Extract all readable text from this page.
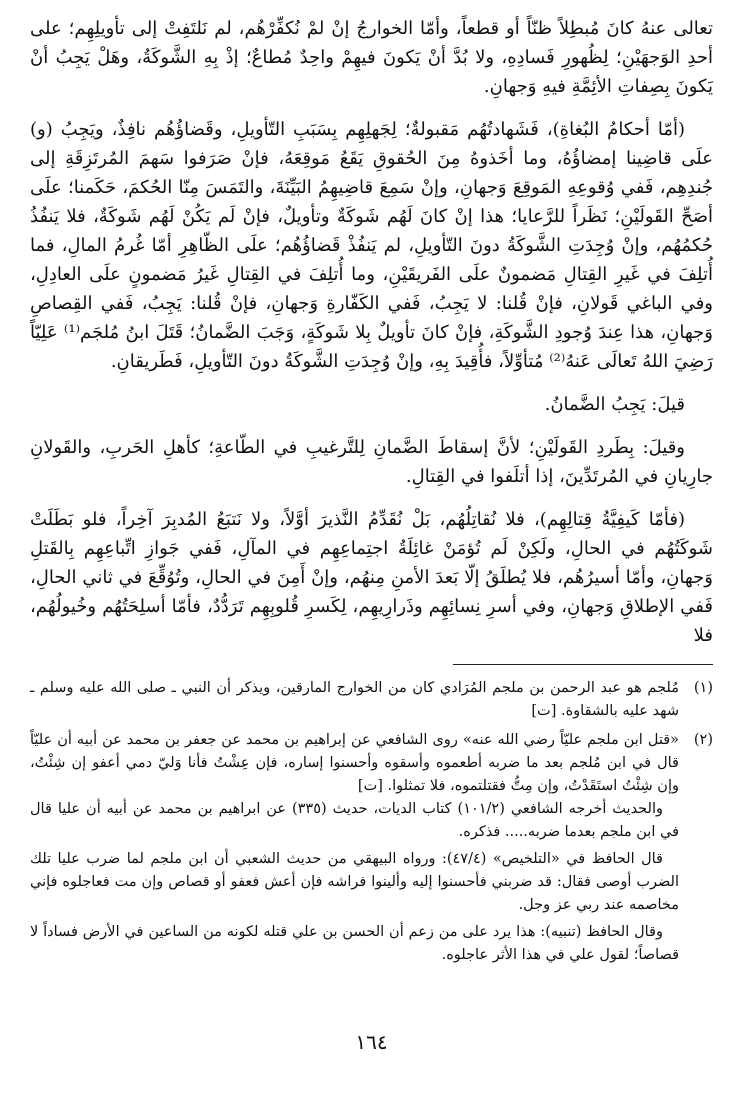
تعالى عنهُ كانَ مُبطِلاً ظنّاً أو قطعاً، وأمّا الخوارجُ إنْ لمْ نُكفِّرْهُم، لم نَلتَفِتْ إلى تأويلِهِم؛ على أحدِ الوَجهَيْنِ؛ لِظُهورِ فَسادِهِ، ولا بُدَّ أنْ يَكونَ فيهِمْ واحِدٌ مُطاعٌ؛ إذْ بِهِ الشَّوكَةُ، وهَلْ يَجِبُ أنْ يَكونَ بِصِفاتِ الأئِمَّةِ فيهِ وَجهانِ.

(أمّا أحكامُ البُغاةِ)، فَشَهادتُهُم مَقبولةٌ؛ لِجَهلِهِم بِسَبَبِ التّأويلِ، وقَضاؤُهُم نافِذٌ، ويَجِبُ (و) علَى قاضِينا إمضاؤُهُ، وما أخَذوهُ مِنَ الحُقوقِ يَقَعُ مَوقِعَهُ، فإنْ صَرَفوا سَهمَ المُرتَزِقَةِ إلى جُندِهِم، فَفي وُقوعِهِ المَوقِعَ وَجهانِ، وإنْ سَمِعَ قاضِيهِمُ البَيِّنَةَ، والتَمَسَ مِنّا الحُكمَ، حَكَمنا؛ علَى أصَحِّ القَولَيْنِ؛ نَظَراً للرَّعايا؛ هذا إنْ كانَ لَهُم شَوكَةٌ وتأويلٌ، فإنْ لَم يَكُنْ لَهُم شَوكَةٌ، فلا يَنفُذُ حُكمُهُم، وإنْ وُجِدَتِ الشَّوكَةُ دونَ التّأويلِ، لم يَنفُذْ قَضاؤُهُم؛ علَى الظّاهِرِ أمّا غُرمُ المالِ، فما أُتلِفَ في غَيرِ القِتالِ مَضمونٌ علَى الفَريقَيْنِ، وما أُتلِفَ في القِتالِ غَيرُ مَضمونٍ علَى العادِلِ، وفي الباغي قَولانِ، فإنْ قُلنا: لا يَجِبُ، فَفي الكَفّارةِ وَجهانِ، فإنْ قُلنا: يَجِبُ، فَفي القِصاصِ وَجهانِ، هذا عِندَ وُجودِ الشَّوكَةِ، فإنْ كانَ تأويلٌ بِلا شَوكَةٍ، وَجَبَ الضَّمانُ؛ قَتَلَ ابنُ مُلجَم⁽¹⁾ عَلِيّاً رَضِيَ اللهُ تَعالَى عَنهُ⁽²⁾ مُتأوِّلاً، فأُقِيدَ بِهِ، وإنْ وُجِدَتِ الشَّوكَةُ دونَ التّأويلِ، فَطَريقانِ.

قيلَ: يَجِبُ الضَّمانُ.

وقيلَ: بِطَردِ القَولَيْنِ؛ لأنَّ إسقاطَ الضَّمانِ لِلتَّرغيبِ في الطّاعةِ؛ كأهلِ الحَربِ، والقَولانِ جارِيانِ في المُرتَدِّينَ، إذا أتلَفوا في القِتالِ.

(فأمّا كَيفِيَّةُ قِتالِهِم)، فلا نُقاتِلُهُم، بَلْ نُقَدِّمُ النَّذيرَ أوَّلاً، ولا نَتبَعُ المُدبِرَ آخِراً، فلو بَطَلَتْ شَوكَتُهُم في الحالِ، ولَكِنْ لَم تُؤمَنْ غائِلَةُ اجتِماعِهِم في المآلِ، فَفي جَوازِ اتِّباعِهِم بِالقَتلِ وَجهانِ، وأمّا أسيرُهُم، فلا يُطلَقُ إلّا بَعدَ الأمنِ مِنهُم، وإنْ أَمِنَ في الحالِ، وتُوُقِّعَ في ثاني الحالِ، فَفي الإطلاقِ وَجهانِ، وفي أسرِ نِسائِهِم وذَرارِيهِم، لِكَسرِ قُلوبِهِم تَرَدُّدٌ، فأمّا أسلِحَتُهُم وخُيولُهُم، فلا

(١)

مُلجم هو عبد الرحمن بن ملجم المُرَادي كان من الخوارج المارقين، ويذكر أن النبي ـ صلى الله عليه وسلم ـ شهد عليه بالشقاوة. [ت]

(٢)

«قتل ابن ملجم عليّاً رضي الله عنه» روى الشافعي عن إبراهيم بن محمد عن جعفر بن محمد عن أبيه أن عليّاً قال في ابن مُلجم بعد ما ضربه أطعموه وأسقوه وأحسنوا إساره، فإن عِشْتُ فأنا وَليّ دمي أعفو إن شِئْتُ، وإن شِئْتُ استَقَدْتُ، وإن مِتُّ فقتلتموه، فلا تمثلوا. [ت]

والحديث أخرجه الشافعي (١٠١/٢) كتاب الديات، حديث (٣٣٥) عن ابراهيم بن محمد عن أبيه أن عليا قال في ابن ملجم بعدما ضربه..... فذكره.

قال الحافظ في «التلخيص» (٤٧/٤): ورواه البيهقي من حديث الشعبي أن ابن ملجم لما ضرب عليا تلك الضرب أوصى فقال: قد ضربني فأحسنوا إليه وألينوا فراشه فإن أعش فعفو أو قصاص وإن مت فعاجلوه فإني مخاصمه عند ربي عز وجل.

وقال الحافظ (تنبيه): هذا يرد على من زعم أن الحسن بن علي قتله لكونه من الساعين في الأرض فساداً لا قصاصاً؛ لقول علي في هذا الأثر عاجلوه.

١٦٤
